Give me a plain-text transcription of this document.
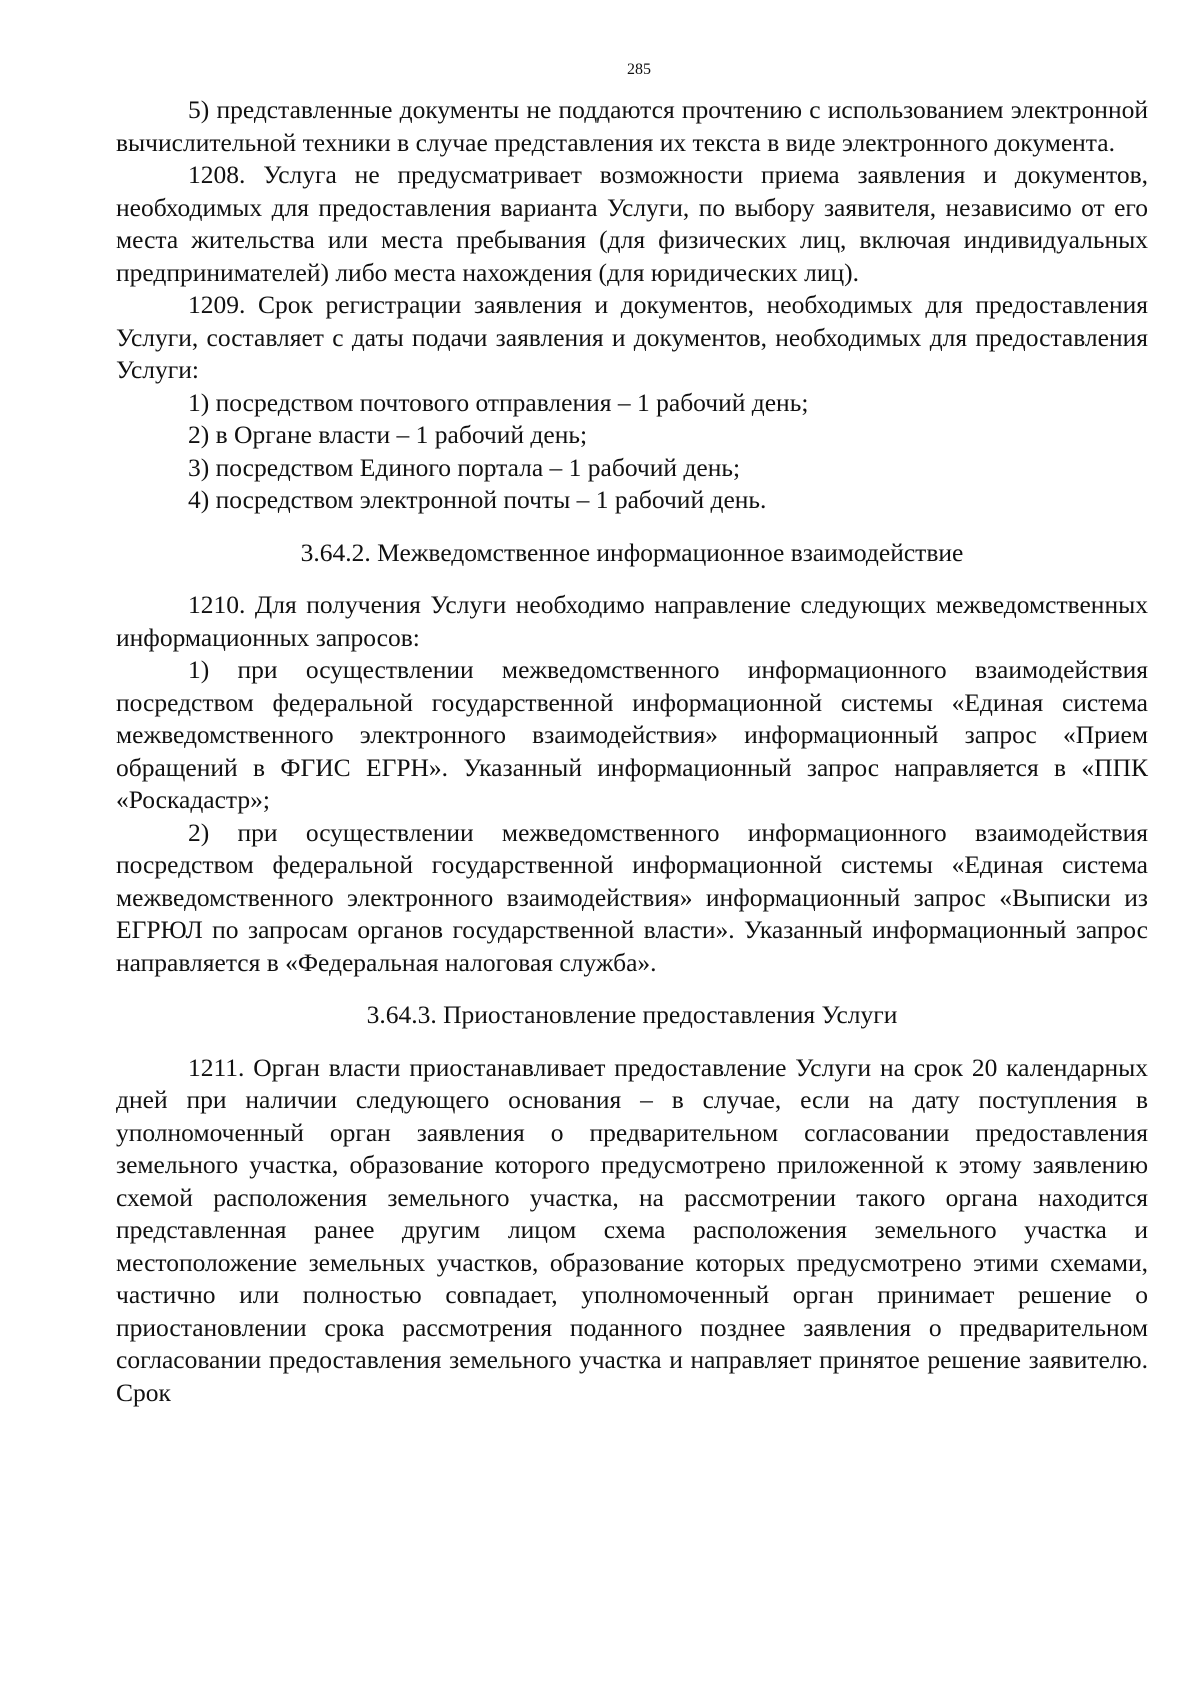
285

5) представленные документы не поддаются прочтению с использованием электронной вычислительной техники в случае представления их текста в виде электронного документа.

1208. Услуга не предусматривает возможности приема заявления и документов, необходимых для предоставления варианта Услуги, по выбору заявителя, независимо от его места жительства или места пребывания (для физических лиц, включая индивидуальных предпринимателей) либо места нахождения (для юридических лиц).

1209. Срок регистрации заявления и документов, необходимых для предоставления Услуги, составляет с даты подачи заявления и документов, необходимых для предоставления Услуги:

1) посредством почтового отправления – 1 рабочий день;

2) в Органе власти – 1 рабочий день;

3) посредством Единого портала – 1 рабочий день;

4) посредством электронной почты – 1 рабочий день.

3.64.2. Межведомственное информационное взаимодействие

1210. Для получения Услуги необходимо направление следующих межведомственных информационных запросов:

1) при осуществлении межведомственного информационного взаимодействия посредством федеральной государственной информационной системы «Единая система межведомственного электронного взаимодействия» информационный запрос «Прием обращений в ФГИС ЕГРН». Указанный информационный запрос направляется в «ППК «Роскадастр»;

2) при осуществлении межведомственного информационного взаимодействия посредством федеральной государственной информационной системы «Единая система межведомственного электронного взаимодействия» информационный запрос «Выписки из ЕГРЮЛ по запросам органов государственной власти». Указанный информационный запрос направляется в «Федеральная налоговая служба».

3.64.3. Приостановление предоставления Услуги

1211. Орган власти приостанавливает предоставление Услуги на срок 20 календарных дней при наличии следующего основания – в случае, если на дату поступления в уполномоченный орган заявления о предварительном согласовании предоставления земельного участка, образование которого предусмотрено приложенной к этому заявлению схемой расположения земельного участка, на рассмотрении такого органа находится представленная ранее другим лицом схема расположения земельного участка и местоположение земельных участков, образование которых предусмотрено этими схемами, частично или полностью совпадает, уполномоченный орган принимает решение о приостановлении срока рассмотрения поданного позднее заявления о предварительном согласовании предоставления земельного участка и направляет принятое решение заявителю. Срок
